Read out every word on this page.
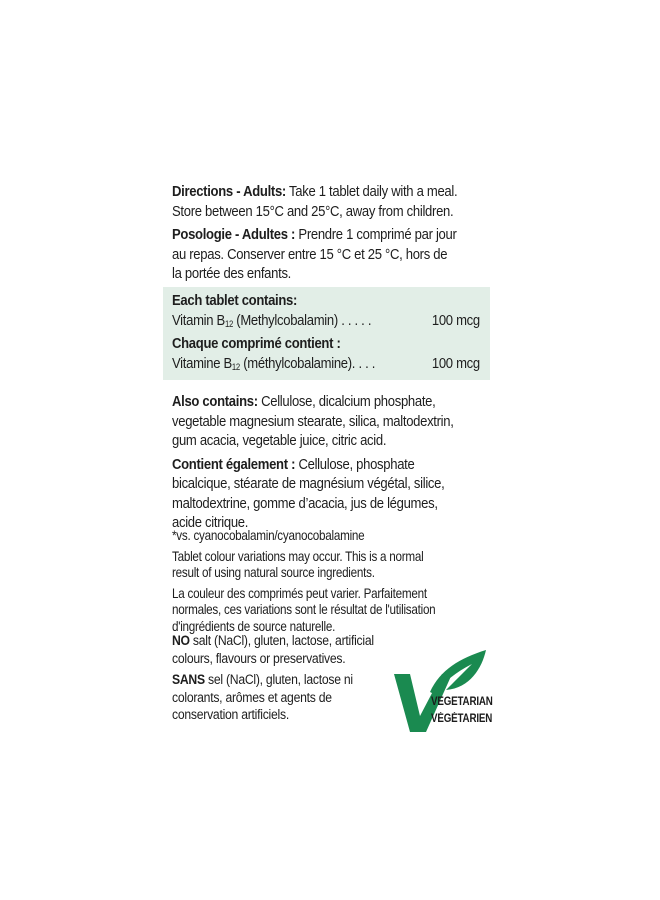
Directions - Adults: Take 1 tablet daily with a meal.
Store between 15°C and 25°C, away from children.
Posologie - Adultes : Prendre 1 comprimé par jour
au repas. Conserver entre 15 °C et 25 °C, hors de
la portée des enfants.
Each tablet contains:
Vitamin $B_{12}$ (Methylcobalamin) . . . . .	100 mcg
Chaque comprimé contient :
Vitamine $B_{12}$ (méthylcobalamine). . . .	100 mcg
Also contains: Cellulose, dicalcium phosphate,
vegetable magnesium stearate, silica, maltodextrin,
gum acacia, vegetable juice, citric acid.
Contient également : Cellulose, phosphate
bicalcique, stéarate de magnésium végétal, silice,
maltodextrine, gomme d’acacia, jus de légumes,
acide citrique.
*vs. cyanocobalamin/cyanocobalamine
Tablet colour variations may occur. This is a normal
result of using natural source ingredients.
La couleur des comprimés peut varier. Parfaitement
normales, ces variations sont le résultat de l'utilisation
d'ingrédients de source naturelle.
NO salt (NaCl), gluten, lactose, artificial
colours, flavours or preservatives.
SANS sel (NaCl), gluten, lactose ni
colorants, arômes et agents de
conservation artificiels.
VEGETARIAN
VÉGÉTARIEN
